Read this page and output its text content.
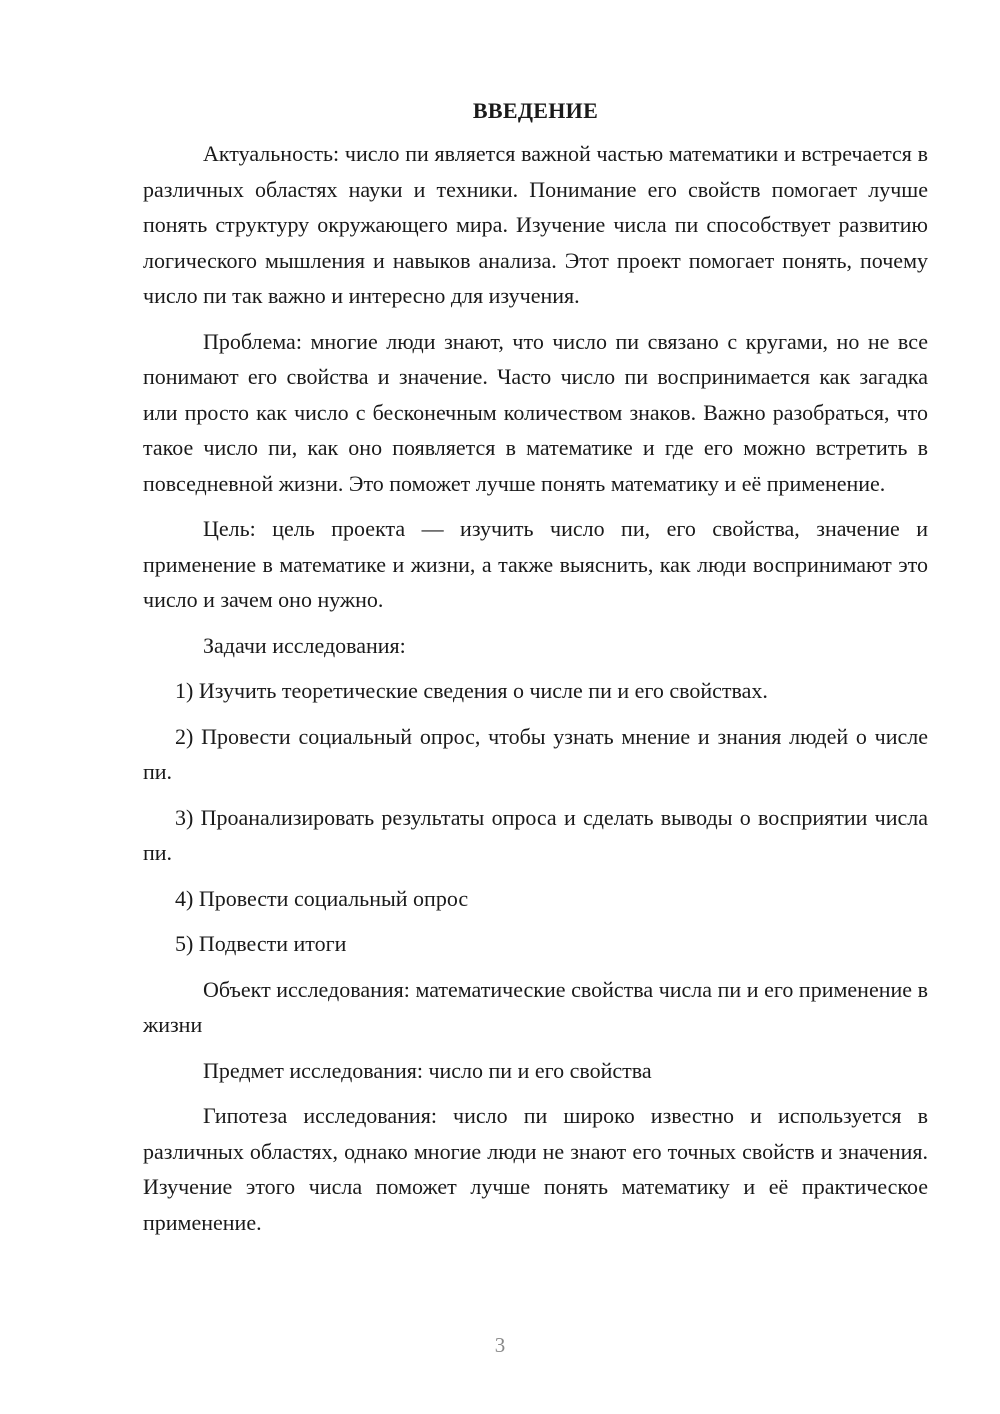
ВВЕДЕНИЕ

Актуальность: число пи является важной частью математики и встречается в различных областях науки и техники. Понимание его свойств помогает лучше понять структуру окружающего мира. Изучение числа пи способствует развитию логического мышления и навыков анализа. Этот проект помогает понять, почему число пи так важно и интересно для изучения.

Проблема: многие люди знают, что число пи связано с кругами, но не все понимают его свойства и значение. Часто число пи воспринимается как загадка или просто как число с бесконечным количеством знаков. Важно разобраться, что такое число пи, как оно появляется в математике и где его можно встретить в повседневной жизни. Это поможет лучше понять математику и её применение.

Цель: цель проекта — изучить число пи, его свойства, значение и применение в математике и жизни, а также выяснить, как люди воспринимают это число и зачем оно нужно.

Задачи исследования:

1) Изучить теоретические сведения о числе пи и его свойствах.

2) Провести социальный опрос, чтобы узнать мнение и знания людей о числе пи.

3) Проанализировать результаты опроса и сделать выводы о восприятии числа пи.

4) Провести социальный опрос

5) Подвести итоги

Объект исследования: математические свойства числа пи и его применение в жизни

Предмет исследования: число пи и его свойства

Гипотеза исследования: число пи широко известно и используется в различных областях, однако многие люди не знают его точных свойств и значения. Изучение этого числа поможет лучше понять математику и её практическое применение.

3
